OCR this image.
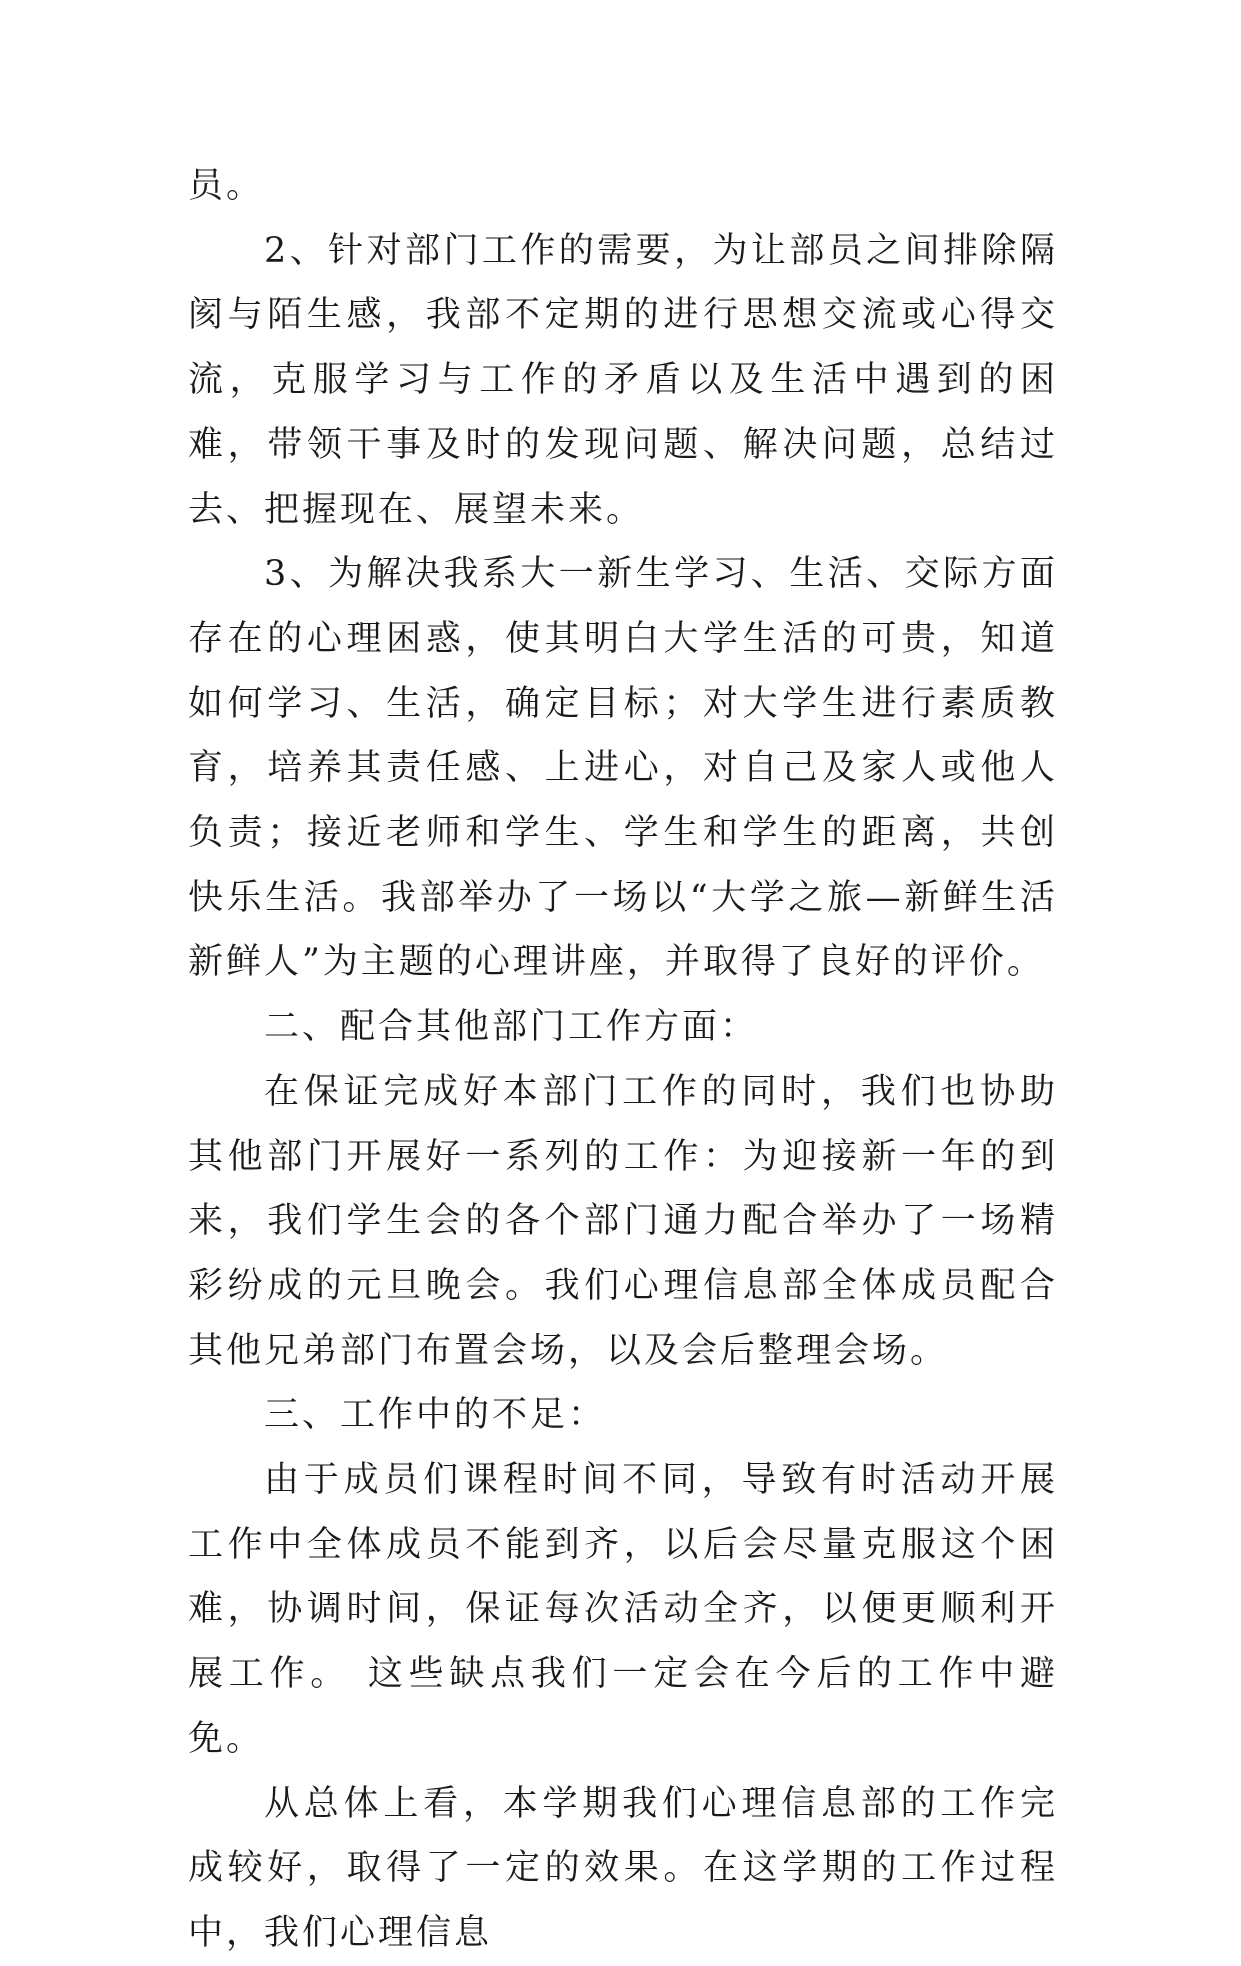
员。

2、针对部门工作的需要，为让部员之间排除隔阂与陌生感，我部不定期的进行思想交流或心得交流，克服学习与工作的矛盾以及生活中遇到的困难，带领干事及时的发现问题、解决问题，总结过去、把握现在、展望未来。

3、为解决我系大一新生学习、生活、交际方面存在的心理困惑，使其明白大学生活的可贵，知道如何学习、生活，确定目标；对大学生进行素质教育，培养其责任感、上进心，对自己及家人或他人负责；接近老师和学生、学生和学生的距离，共创快乐生活。我部举办了一场以“大学之旅—新鲜生活 新鲜人”为主题的心理讲座，并取得了良好的评价。

二、配合其他部门工作方面：

在保证完成好本部门工作的同时，我们也协助其他部门开展好一系列的工作：为迎接新一年的到来，我们学生会的各个部门通力配合举办了一场精彩纷成的元旦晚会。我们心理信息部全体成员配合其他兄弟部门布置会场，以及会后整理会场。

三、工作中的不足：

由于成员们课程时间不同，导致有时活动开展工作中全体成员不能到齐，以后会尽量克服这个困难，协调时间，保证每次活动全齐，以便更顺利开展工作。 这些缺点我们一定会在今后的工作中避免。

从总体上看，本学期我们心理信息部的工作完成较好，取得了一定的效果。在这学期的工作过程中，我们心理信息
